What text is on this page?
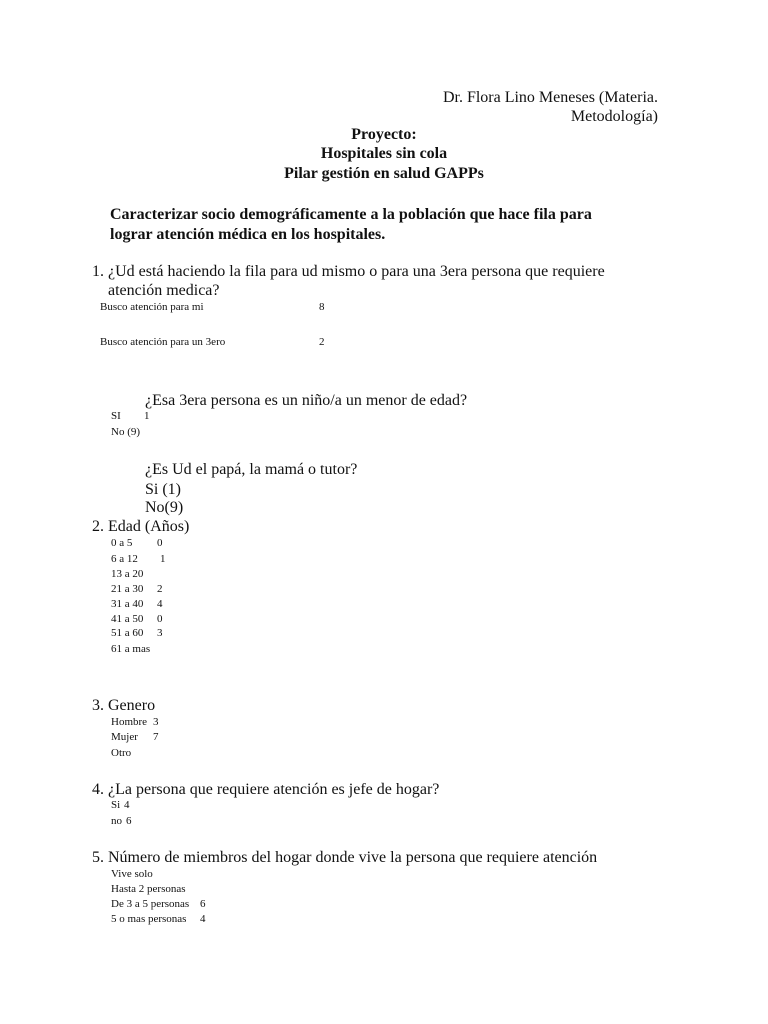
Dr. Flora Lino Meneses (Materia.
Metodología)
Proyecto:
Hospitales sin cola
Pilar gestión en salud GAPPs
Caracterizar socio demográficamente a la población que hace fila para
lograr atención médica en los hospitales.
1. ¿Ud está haciendo la fila para ud mismo o para una 3era persona que requiere
atención medica?
Busco atención para mi	8
Busco atención para un 3ero	2
¿Esa 3era persona es un niño/a un menor de edad?
SI 1
No (9)
¿Es Ud el papá, la mamá o tutor?
Si (1)
No(9)
2. Edad (Años)
0 a 5 0
6 a 12 1
13 a 20
21 a 30 2
31 a 40 4
41 a 50 0
51 a 60 3
61 a mas
3. Genero
Hombre 3
Mujer 7
Otro
4. ¿La persona que requiere atención es jefe de hogar?
Si 4
no 6
5. Número de miembros del hogar donde vive la persona que requiere atención
Vive solo
Hasta 2 personas
De 3 a 5 personas 6
5 o mas personas 4
